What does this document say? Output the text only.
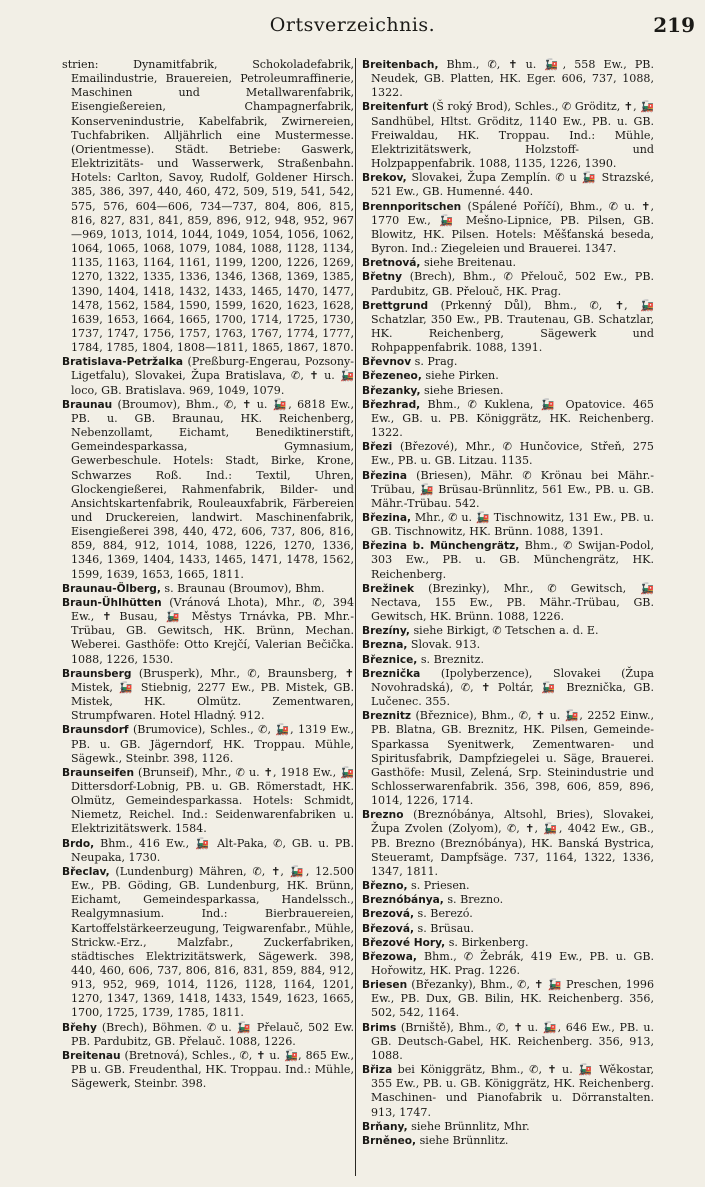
Ortsverzeichnis.	219

strien: Dynamitfabrik, Schokoladefabrik, Emailindustrie, Brauereien, Petroleumraffinerie, Maschinen und Metallwarenfabrik, Eisengießereien, Champagnerfabrik, Konservenindustrie, Kabelfabrik, Zwirnereien, Tuchfabriken. Alljährlich eine Mustermesse. (Orientmesse). Städt. Betriebe: Gaswerk, Elektrizitäts- und Wasserwerk, Straßenbahn. Hotels: Carlton, Savoy, Rudolf, Goldener Hirsch. 385, 386, 397, 440, 460, 472, 509, 519, 541, 542, 575, 576, 604—606, 734—737, 804, 806, 815, 816, 827, 831, 841, 859, 896, 912, 948, 952, 967—969, 1013, 1014, 1044, 1049, 1054, 1056, 1062, 1064, 1065, 1068, 1079, 1084, 1088, 1128, 1134, 1135, 1163, 1164, 1161, 1199, 1200, 1226, 1269, 1270, 1322, 1335, 1336, 1346, 1368, 1369, 1385, 1390, 1404, 1418, 1432, 1433, 1465, 1470, 1477, 1478, 1562, 1584, 1590, 1599, 1620, 1623, 1628, 1639, 1653, 1664, 1665, 1700, 1714, 1725, 1730, 1737, 1747, 1756, 1757, 1763, 1767, 1774, 1777, 1784, 1785, 1804, 1808—1811, 1865, 1867, 1870.

Bratislava-Petržalka (Preßburg-Engerau, Pozsony-Ligetfalu), Slovakei, Župa Bratislava, ✆, ✝ u. 🚂 loco, GB. Bratislava. 969, 1049, 1079.

Braunau (Broumov), Bhm., ✆, ✝ u. 🚂, 6818 Ew., PB. u. GB. Braunau, HK. Reichenberg, Nebenzollamt, Eichamt, Benediktinerstift, Gemeindesparkassa, Gymnasium, Gewerbeschule. Hotels: Stadt, Birke, Krone, Schwarzes Roß. Ind.: Textil, Uhren, Glockengießerei, Rahmenfabrik, Bilder- und Ansichtskartenfabrik, Rouleauxfabrik, Färbereien und Druckereien, landwirt. Maschinenfabrik, Eisengießerei 398, 440, 472, 606, 737, 806, 816, 859, 884, 912, 1014, 1088, 1226, 1270, 1336, 1346, 1369, 1404, 1433, 1465, 1471, 1478, 1562, 1599, 1639, 1653, 1665, 1811.

Braunau-Ölberg, s. Braunau (Broumov), Bhm.

Braun-Ühlhütten (Vránová Lhota), Mhr., ✆, 394 Ew., ✝ Busau, 🚂 Městys Trnávka, PB. Mhr.-Trübau, GB. Gewitsch, HK. Brünn, Mechan. Weberei. Gasthöfe: Otto Krejčí, Valerian Bečička. 1088, 1226, 1530.

Braunsberg (Brusperk), Mhr., ✆, Braunsberg, ✝ Mistek, 🚂 Stiebnig, 2277 Ew., PB. Mistek, GB. Mistek, HK. Olmütz. Zementwaren, Strumpfwaren. Hotel Hladný. 912.

Braunsdorf (Brumovice), Schles., ✆, 🚂, 1319 Ew., PB. u. GB. Jägerndorf, HK. Troppau. Mühle, Sägewk., Steinbr. 398, 1126.

Braunseifen (Brunseif), Mhr., ✆ u. ✝, 1918 Ew., 🚂 Dittersdorf-Lobnig, PB. u. GB. Römerstadt, HK. Olmütz, Gemeindesparkassa. Hotels: Schmidt, Niemetz, Reichel. Ind.: Seidenwarenfabriken u. Elektrizitätswerk. 1584.

Brdo, Bhm., 416 Ew., 🚂 Alt-Paka, ✆, GB. u. PB. Neupaka, 1730.

Břeclav, (Lundenburg) Mähren, ✆, ✝, 🚂, 12.500 Ew., PB. Göding, GB. Lundenburg, HK. Brünn, Eichamt, Gemeindesparkassa, Handelssch., Realgymnasium. Ind.: Bierbrauereien, Kartoffelstärkeerzeugung, Teigwarenfabr., Mühle, Strickw.-Erz., Malzfabr., Zuckerfabriken, städtisches Elektrizitätswerk, Sägewerk. 398, 440, 460, 606, 737, 806, 816, 831, 859, 884, 912, 913, 952, 969, 1014, 1126, 1128, 1164, 1201, 1270, 1347, 1369, 1418, 1433, 1549, 1623, 1665, 1700, 1725, 1739, 1785, 1811.

Břehy (Brech), Böhmen. ✆ u. 🚂 Přelauč, 502 Ew. PB. Pardubitz, GB. Přelauč. 1088, 1226.

Breitenau (Bretnová), Schles., ✆, ✝ u. 🚂, 865 Ew., PB u. GB. Freudenthal, HK. Troppau. Ind.: Mühle, Sägewerk, Steinbr. 398.

Breitenbach, Bhm., ✆, ✝ u. 🚂, 558 Ew., PB. Neudek, GB. Platten, HK. Eger. 606, 737, 1088, 1322.

Breitenfurt (Š roký Brod), Schles., ✆ Gröditz, ✝, 🚂 Sandhübel, Hltst. Gröditz, 1140 Ew., PB. u. GB. Freiwaldau, HK. Troppau. Ind.: Mühle, Elektrizitätswerk, Holzstoff- und Holzpappenfabrik. 1088, 1135, 1226, 1390.

Brekov, Slovakei, Župa Zemplín. ✆ u 🚂 Strazské, 521 Ew., GB. Humenné. 440.

Brennporitschen (Spálené Poříčí), Bhm., ✆ u. ✝, 1770 Ew., 🚂 Mešno-Lipnice, PB. Pilsen, GB. Blowitz, HK. Pilsen. Hotels: Měšťanská beseda, Byron. Ind.: Ziegeleien und Brauerei. 1347.

Bretnová, siehe Breitenau.

Břetny (Brech), Bhm., ✆ Přelouč, 502 Ew., PB. Pardubitz, GB. Přelouč, HK. Prag.

Brettgrund (Prkenný Důl), Bhm., ✆, ✝, 🚂 Schatzlar, 350 Ew., PB. Trautenau, GB. Schatzlar, HK. Reichenberg, Sägewerk und Rohpappenfabrik. 1088, 1391.

Břevnov s. Prag.

Březeneo, siehe Pirken.

Březanky, siehe Briesen.

Březhrad, Bhm., ✆ Kuklena, 🚂 Opatovice. 465 Ew., GB. u. PB. Königgrätz, HK. Reichenberg. 1322.

Březi (Březové), Mhr., ✆ Hunčovice, Střeň, 275 Ew., PB. u. GB. Litzau. 1135.

Březina (Briesen), Mähr. ✆ Krönau bei Mähr.-Trübau, 🚂 Brüsau-Brünnlitz, 561 Ew., PB. u. GB. Mähr.-Trübau. 542.

Březina, Mhr., ✆ u. 🚂 Tischnowitz, 131 Ew., PB. u. GB. Tischnowitz, HK. Brünn. 1088, 1391.

Březina b. Münchengrätz, Bhm., ✆ Swijan-Podol, 303 Ew., PB. u. GB. Münchengrätz, HK. Reichenberg.

Brežinek (Brezinky), Mhr., ✆ Gewitsch, 🚂 Nectava, 155 Ew., PB. Mähr.-Trübau, GB. Gewitsch, HK. Brünn. 1088, 1226.

Brezíny, siehe Birkigt, ✆ Tetschen a. d. E.

Brezna, Slovak. 913.

Březnice, s. Breznitz.

Breznička (Ipolyberzence), Slovakei (Župa Novohradská), ✆, ✝ Poltár, 🚂 Breznička, GB. Lučenec. 355.

Breznitz (Březnice), Bhm., ✆, ✝ u. 🚂, 2252 Einw., PB. Blatna, GB. Breznitz, HK. Pilsen, Gemeinde-Sparkassa Syenitwerk, Zementwaren- und Spiritusfabrik, Dampfziegelei u. Säge, Brauerei. Gasthöfe: Musil, Zelená, Srp. Steinindustrie und Schlosserwarenfabrik. 356, 398, 606, 859, 896, 1014, 1226, 1714.

Brezno (Breznóbánya, Altsohl, Bries), Slovakei, Župa Zvolen (Zolyom), ✆, ✝, 🚂, 4042 Ew., GB., PB. Brezno (Breznóbánya), HK. Banská Bystrica, Steueramt, Dampfsäge. 737, 1164, 1322, 1336, 1347, 1811.

Březno, s. Priesen.

Breznóbánya, s. Brezno.

Brezová, s. Berezó.

Březová, s. Brüsau.

Březové Hory, s. Birkenberg.

Březowa, Bhm., ✆ Žebrák, 419 Ew., PB. u. GB. Hořowitz, HK. Prag. 1226.

Briesen (Březanky), Bhm., ✆, ✝ 🚂 Preschen, 1996 Ew., PB. Dux, GB. Bilin, HK. Reichenberg. 356, 502, 542, 1164.

Brims (Brniště), Bhm., ✆, ✝ u. 🚂, 646 Ew., PB. u. GB. Deutsch-Gabel, HK. Reichenberg. 356, 913, 1088.

Břiza bei Königgrätz, Bhm., ✆, ✝ u. 🚂 Wěkostar, 355 Ew., PB. u. GB. Königgrätz, HK. Reichenberg. Maschinen- und Pianofabrik u. Dörranstalten. 913, 1747.

Brňany, siehe Brünnlitz, Mhr.

Brněneo, siehe Brünnlitz.
